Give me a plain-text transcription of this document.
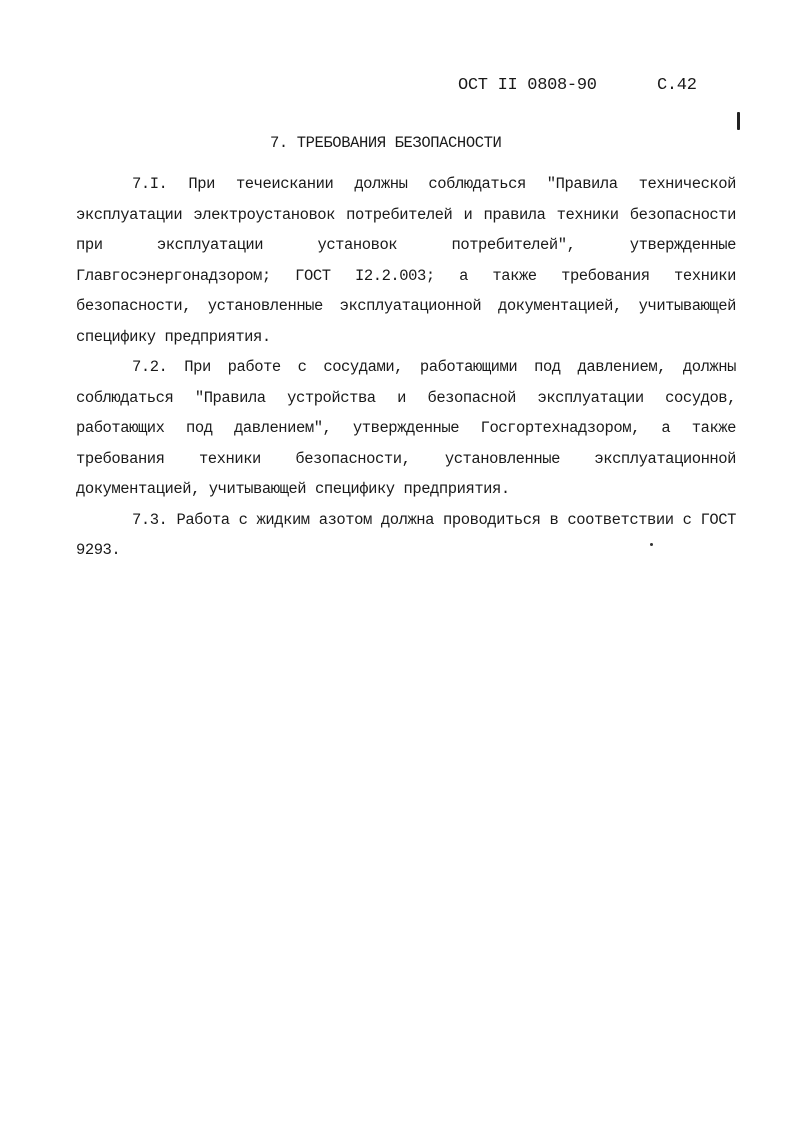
ОСТ II 0808-90	С.42
7. ТРЕБОВАНИЯ БЕЗОПАСНОСТИ

7.I. При течеискании должны соблюдаться "Правила технической эксплуатации электроустановок потребителей и правила техники безопасности при эксплуатации установок потребителей", утвержденные Главгосэнергонадзором; ГОСТ I2.2.003; а также требования техники безопасности, установленные эксплуатационной документацией, учитывающей специфику предприятия.

7.2. При работе с сосудами, работающими под давлением, должны соблюдаться "Правила устройства и безопасной эксплуатации сосудов, работающих под давлением", утвержденные Госгортехнадзором, а также требования техники безопасности, установленные эксплуатационной документацией, учитывающей специфику предприятия.

7.3. Работа с жидким азотом должна проводиться в соответствии с ГОСТ 9293.
